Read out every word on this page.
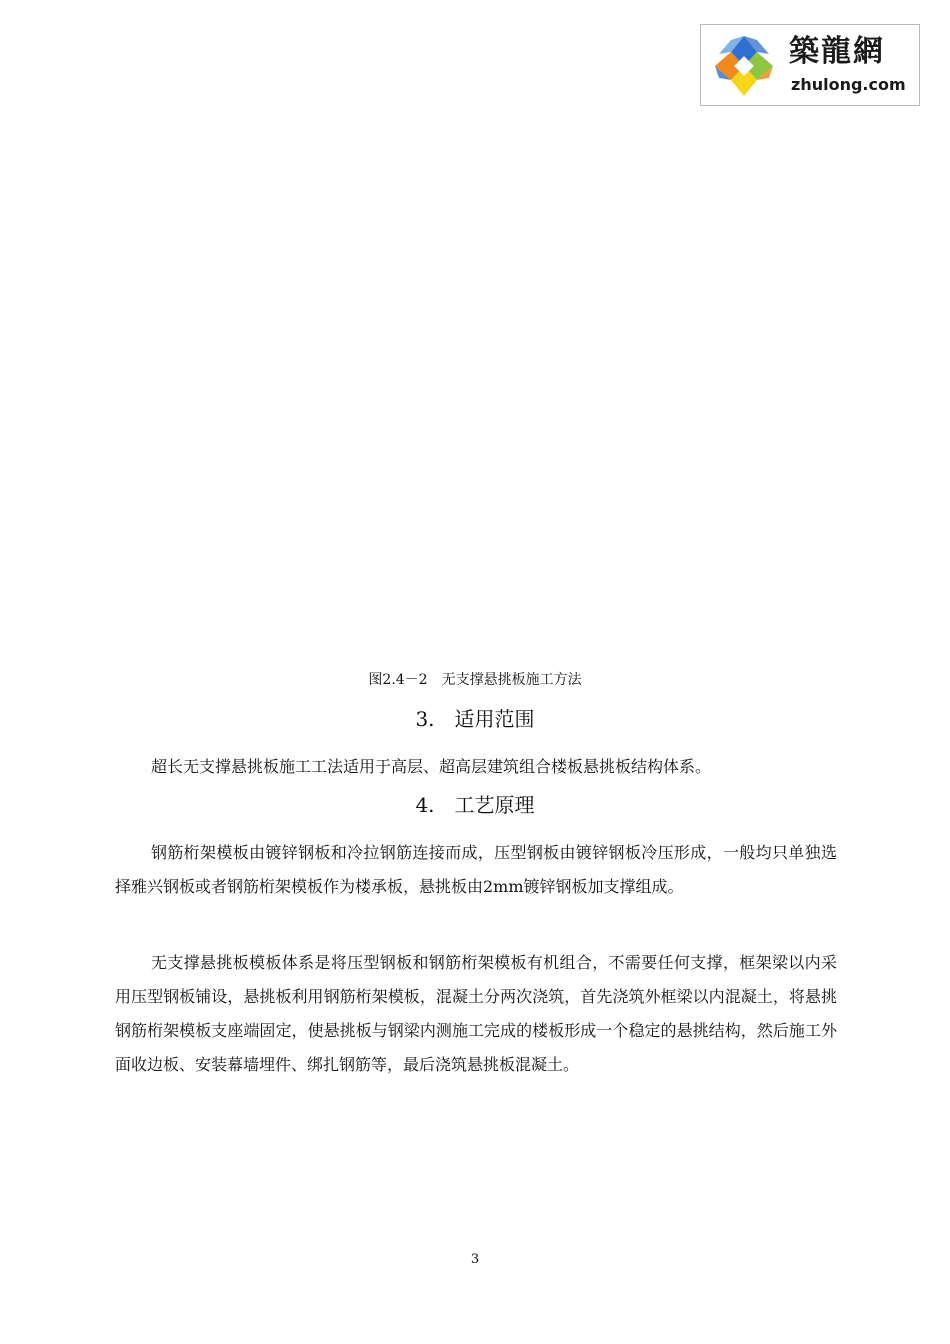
築龍網
zhulong.com
图2.4－2　无支撑悬挑板施工方法
3.　适用范围

超长无支撑悬挑板施工工法适用于高层、超高层建筑组合楼板悬挑板结构体系。

4.　工艺原理

钢筋桁架模板由镀锌钢板和冷拉钢筋连接而成，压型钢板由镀锌钢板冷压形成，一般均只单独选择雅兴钢板或者钢筋桁架模板作为楼承板，悬挑板由2mm镀锌钢板加支撑组成。

无支撑悬挑板模板体系是将压型钢板和钢筋桁架模板有机组合，不需要任何支撑，框架梁以内采用压型钢板铺设，悬挑板利用钢筋桁架模板，混凝土分两次浇筑，首先浇筑外框梁以内混凝土，将悬挑钢筋桁架模板支座端固定，使悬挑板与钢梁内测施工完成的楼板形成一个稳定的悬挑结构，然后施工外面收边板、安装幕墙埋件、绑扎钢筋等，最后浇筑悬挑板混凝土。

3
